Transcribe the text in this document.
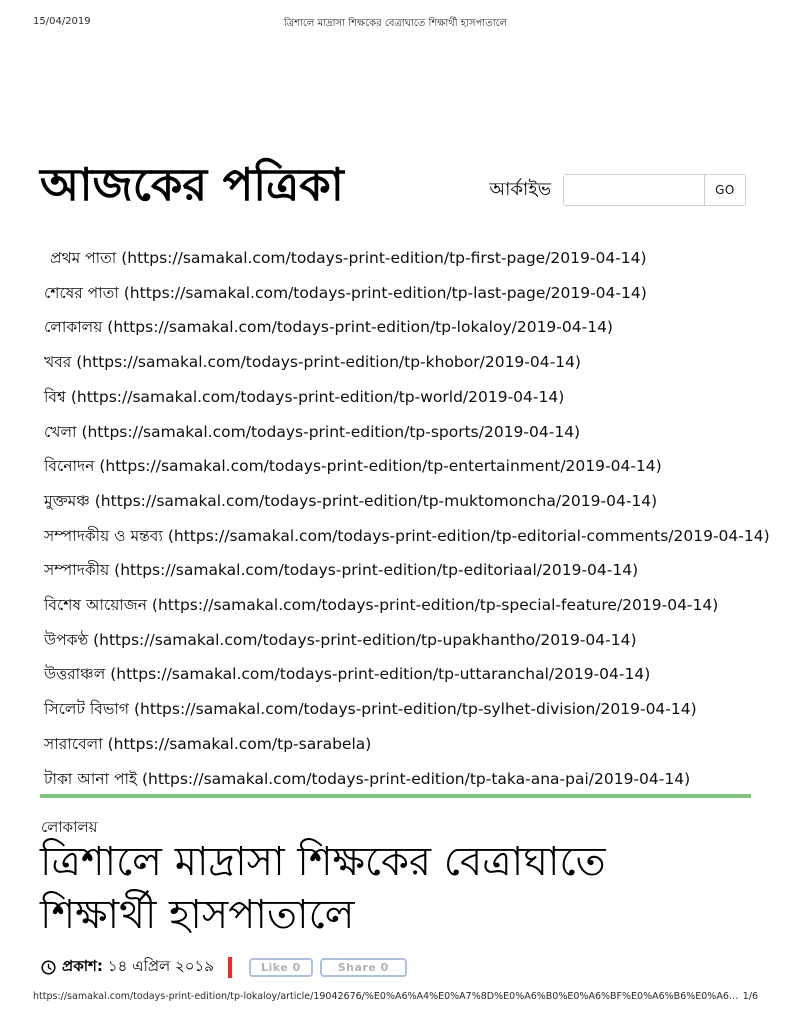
15/04/2019	ত্রিশালে মাদ্রাসা শিক্ষকের বেত্রাঘাতে শিক্ষার্থী হাসপাতালে
আজকের পত্রিকা	আর্কাইভ	GO
প্রথম পাতা (https://samakal.com/todays-print-edition/tp-first-page/2019-04-14)
শেষের পাতা (https://samakal.com/todays-print-edition/tp-last-page/2019-04-14)
লোকালয় (https://samakal.com/todays-print-edition/tp-lokaloy/2019-04-14)
খবর (https://samakal.com/todays-print-edition/tp-khobor/2019-04-14)
বিশ্ব (https://samakal.com/todays-print-edition/tp-world/2019-04-14)
খেলা (https://samakal.com/todays-print-edition/tp-sports/2019-04-14)
বিনোদন (https://samakal.com/todays-print-edition/tp-entertainment/2019-04-14)
মুক্তমঞ্চ (https://samakal.com/todays-print-edition/tp-muktomoncha/2019-04-14)
সম্পাদকীয় ও মন্তব্য (https://samakal.com/todays-print-edition/tp-editorial-comments/2019-04-14)
সম্পাদকীয় (https://samakal.com/todays-print-edition/tp-editoriaal/2019-04-14)
বিশেষ আয়োজন (https://samakal.com/todays-print-edition/tp-special-feature/2019-04-14)
উপকণ্ঠ (https://samakal.com/todays-print-edition/tp-upakhantho/2019-04-14)
উত্তরাঞ্চল (https://samakal.com/todays-print-edition/tp-uttaranchal/2019-04-14)
সিলেট বিভাগ (https://samakal.com/todays-print-edition/tp-sylhet-division/2019-04-14)
সারাবেলা (https://samakal.com/tp-sarabela)
টাকা আনা পাই (https://samakal.com/todays-print-edition/tp-taka-ana-pai/2019-04-14)
লোকালয়
ত্রিশালে মাদ্রাসা শিক্ষকের বেত্রাঘাতে শিক্ষার্থী হাসপাতালে
প্রকাশ: ১৪ এপ্রিল ২০১৯	Like 0	Share 0
https://samakal.com/todays-print-edition/tp-lokaloy/article/19042676/%E0%A6%A4%E0%A7%8D%E0%A6%B0%E0%A6%BF%E0%A6%B6%E0%A6… 1/6
